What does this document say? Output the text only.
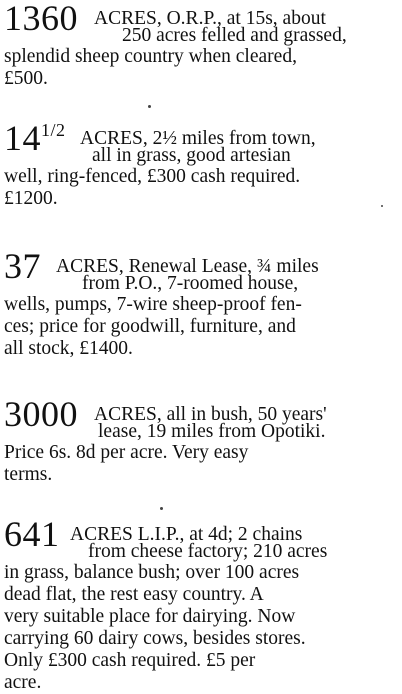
1360 ACRES, O.R.P., at 15s, about
250 acres felled and grassed,
splendid sheep country when cleared,
£500.
$14^{1/2}$ ACRES, 2½ miles from town,
all in grass, good artesian
well, ring-fenced, £300 cash required.
£1200.
37 ACRES, Renewal Lease, ¾ miles
from P.O., 7-roomed house,
wells, pumps, 7-wire sheep-proof fen-
ces; price for goodwill, furniture, and
all stock, £1400.
3000 ACRES, all in bush, 50 years'
lease, 19 miles from Opotiki.
Price 6s. 8d per acre. Very easy
terms.
641 ACRES L.I.P., at 4d; 2 chains
from cheese factory; 210 acres
in grass, balance bush; over 100 acres
dead flat, the rest easy country. A
very suitable place for dairying. Now
carrying 60 dairy cows, besides stores.
Only £300 cash required. £5 per
acre.
